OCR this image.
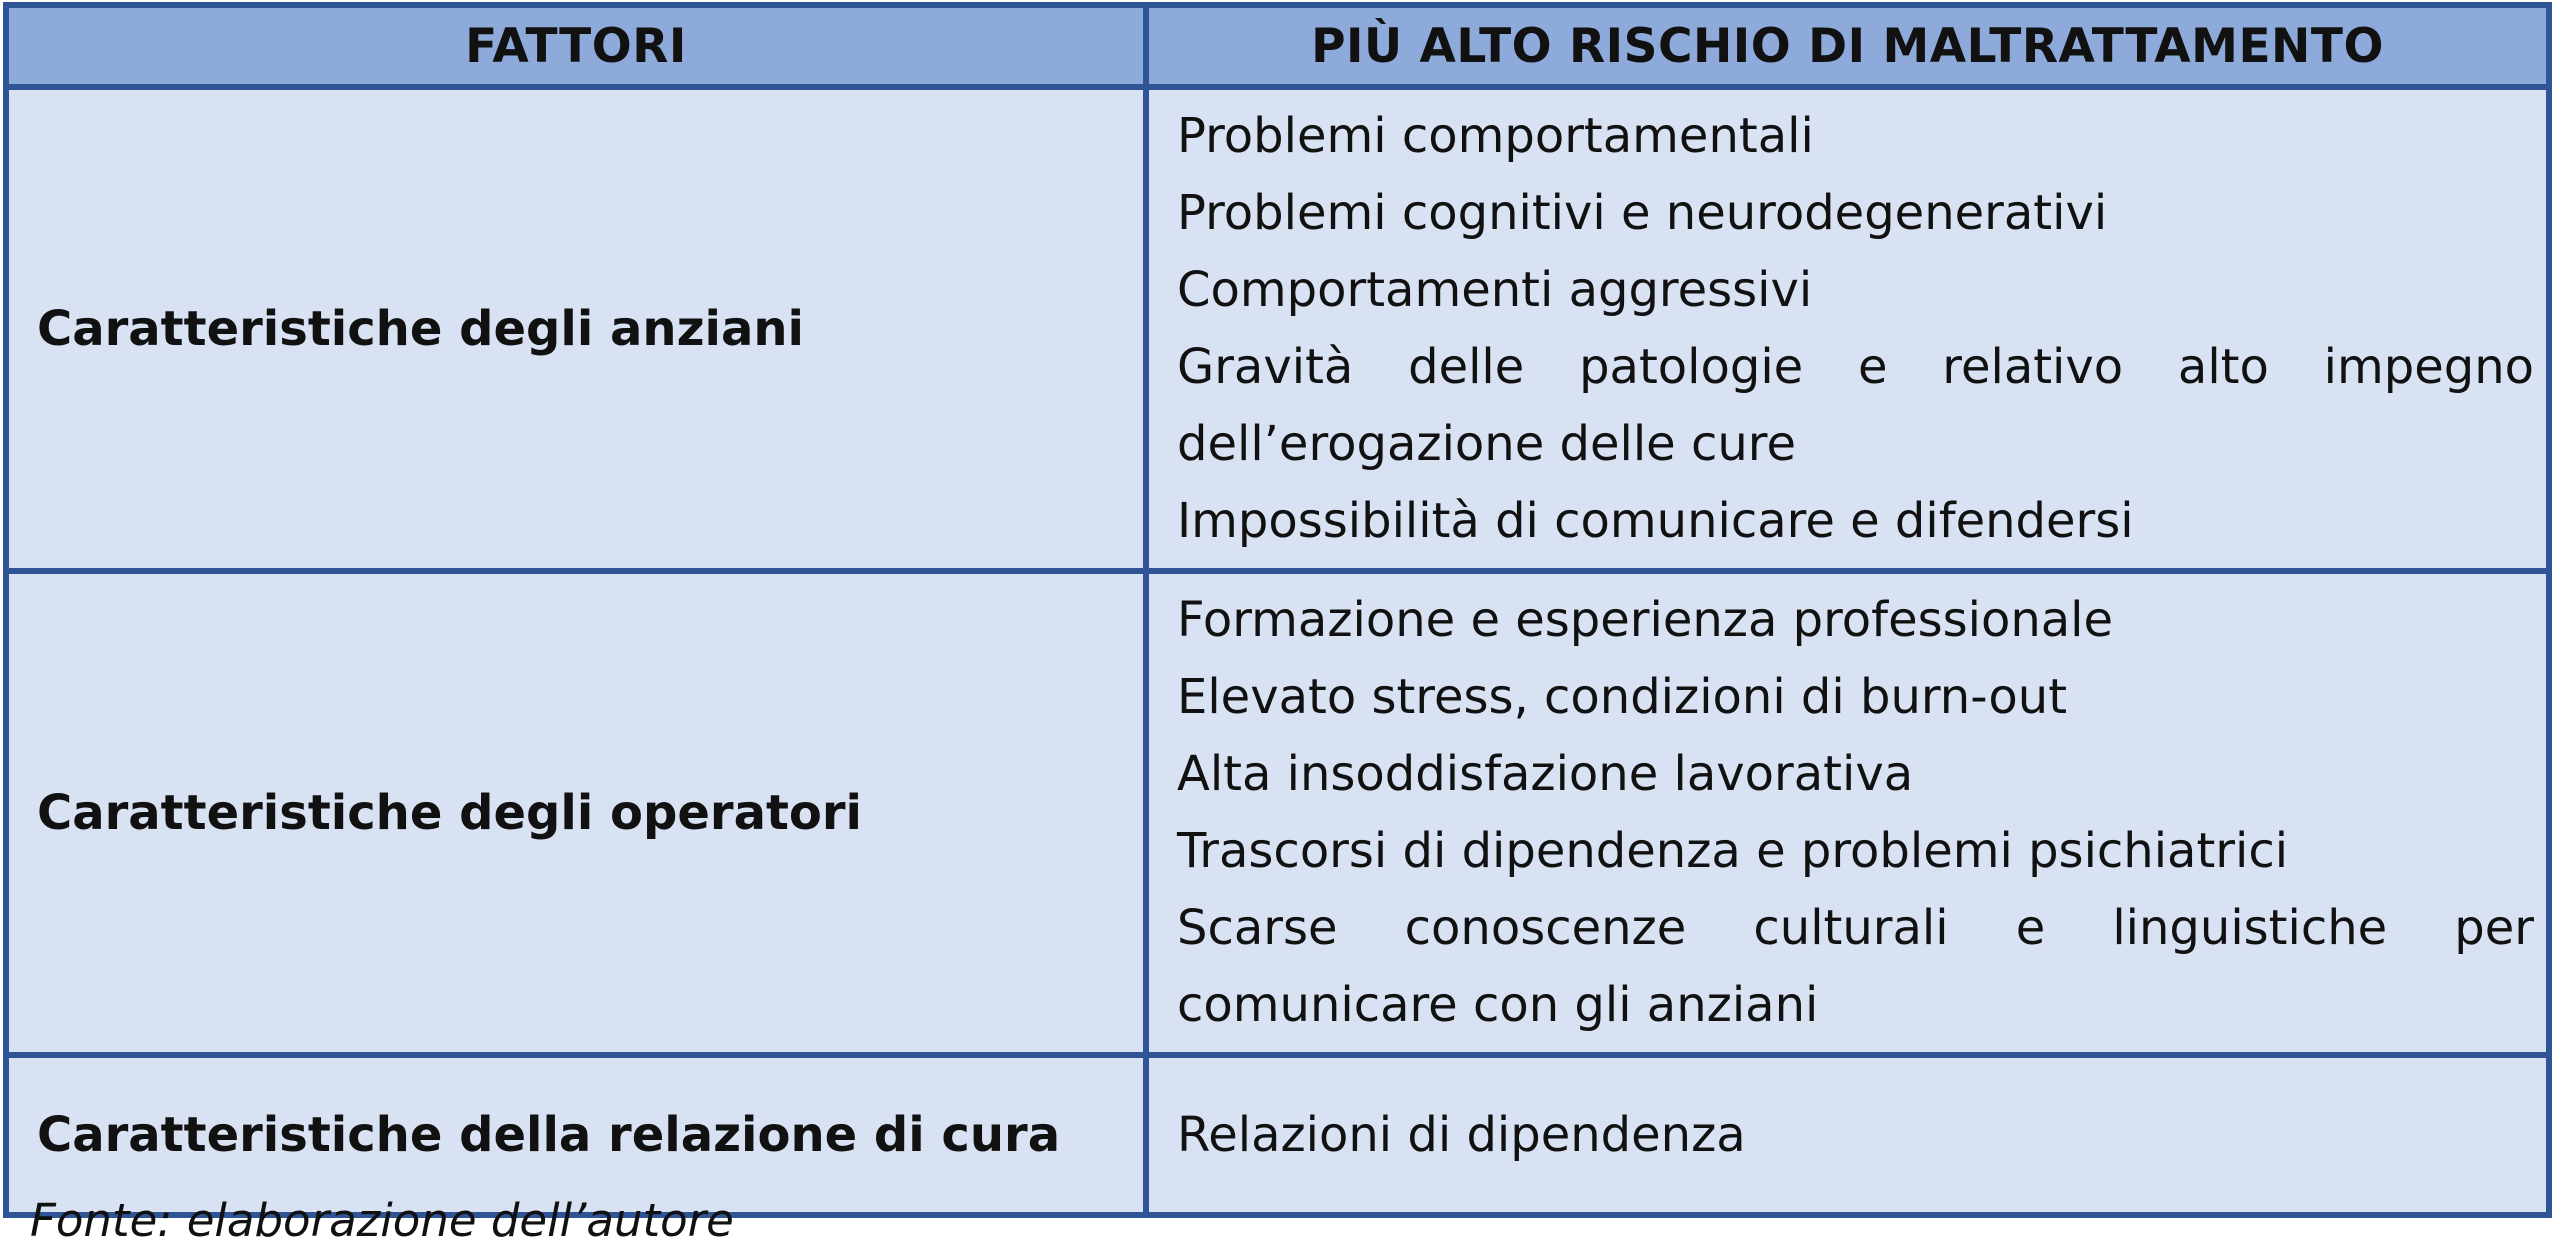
FATTORI	PIÙ ALTO RISCHIO DI MALTRATTAMENTO
Caratteristiche degli anziani	Problemi comportamentali
Problemi cognitivi e neurodegenerativi
Comportamenti aggressivi
Gravità delle patologie e relativo alto impegno dell’erogazione delle cure
Impossibilità di comunicare e difendersi

Caratteristiche degli operatori	Formazione e esperienza professionale
Elevato stress, condizioni di burn-out
Alta insoddisfazione lavorativa
Trascorsi di dipendenza e problemi psichiatrici
Scarse conoscenze culturali e linguistiche per comunicare con gli anziani

Caratteristiche della relazione di cura	Relazioni di dipendenza
Fonte: elaborazione dell’autore
